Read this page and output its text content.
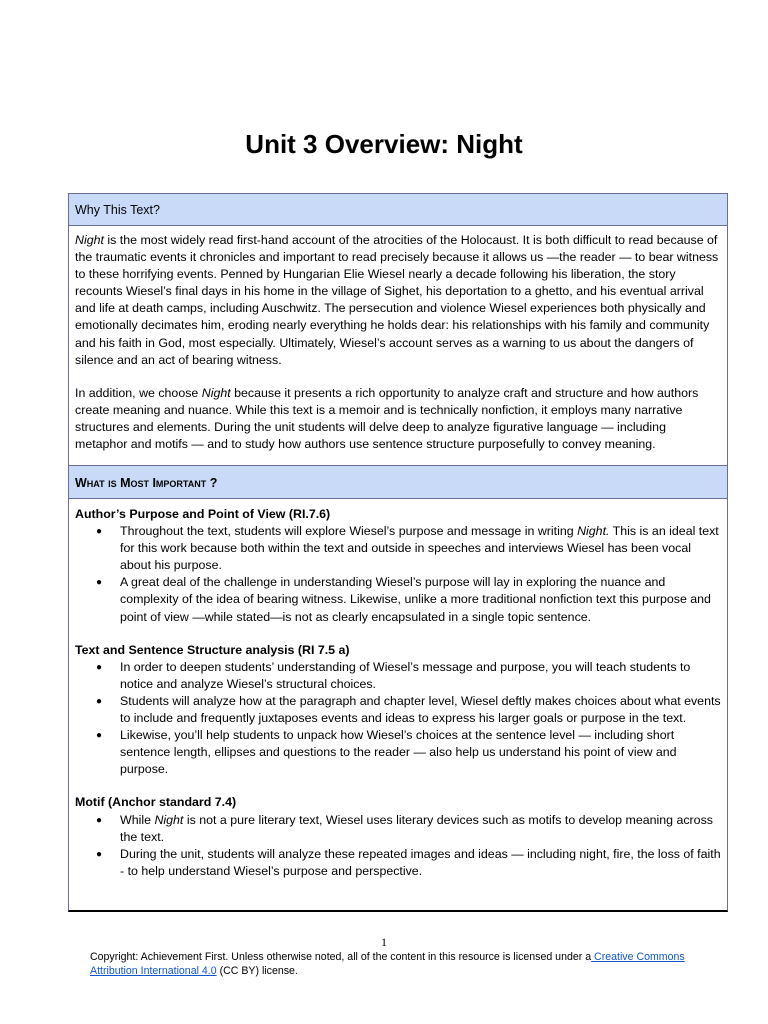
Unit 3 Overview: Night
Why This Text?

Night is the most widely read first-hand account of the atrocities of the Holocaust. It is both difficult to read because of the traumatic events it chronicles and important to read precisely because it allows us —the reader — to bear witness to these horrifying events. Penned by Hungarian Elie Wiesel nearly a decade following his liberation, the story recounts Wiesel’s final days in his home in the village of Sighet, his deportation to a ghetto, and his eventual arrival and life at death camps, including Auschwitz. The persecution and violence Wiesel experiences both physically and emotionally decimates him, eroding nearly everything he holds dear: his relationships with his family and community and his faith in God, most especially. Ultimately, Wiesel’s account serves as a warning to us about the dangers of silence and an act of bearing witness.

In addition, we choose Night because it presents a rich opportunity to analyze craft and structure and how authors create meaning and nuance. While this text is a memoir and is technically nonfiction, it employs many narrative structures and elements. During the unit students will delve deep to analyze figurative language — including metaphor and motifs — and to study how authors use sentence structure purposefully to convey meaning.

What is Most Important ?
Author’s Purpose and Point of View (RI.7.6)
● Throughout the text, students will explore Wiesel’s purpose and message in writing Night. This is an ideal text for this work because both within the text and outside in speeches and interviews Wiesel has been vocal about his purpose.
● A great deal of the challenge in understanding Wiesel’s purpose will lay in exploring the nuance and complexity of the idea of bearing witness. Likewise, unlike a more traditional nonfiction text this purpose and point of view —while stated—is not as clearly encapsulated in a single topic sentence.
Text and Sentence Structure analysis (RI 7.5 a)
● In order to deepen students’ understanding of Wiesel’s message and purpose, you will teach students to notice and analyze Wiesel’s structural choices.
● Students will analyze how at the paragraph and chapter level, Wiesel deftly makes choices about what events to include and frequently juxtaposes events and ideas to express his larger goals or purpose in the text.
● Likewise, you’ll help students to unpack how Wiesel’s choices at the sentence level — including short sentence length, ellipses and questions to the reader — also help us understand his point of view and purpose.
Motif (Anchor standard 7.4)
● While Night is not a pure literary text, Wiesel uses literary devices such as motifs to develop meaning across the text.
● During the unit, students will analyze these repeated images and ideas — including night, fire, the loss of faith - to help understand Wiesel’s purpose and perspective.
1
Copyright: Achievement First. Unless otherwise noted, all of the content in this resource is licensed under a Creative Commons Attribution International 4.0 (CC BY) license.
